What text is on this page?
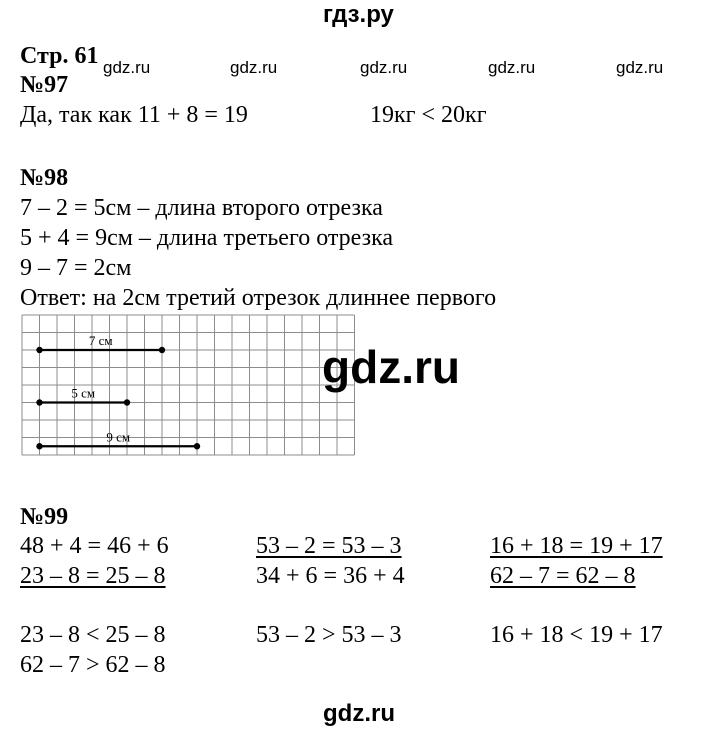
гдз.ру
gdz.ru	gdz.ru	gdz.ru	gdz.ru	gdz.ru
Стр. 61
№97
Да, так как 11 + 8 = 19	19кг < 20кг
№98
7 – 2 = 5см – длина второго отрезка
5 + 4 = 9см – длина третьего отрезка
9 – 7 = 2см
Ответ: на 2см третий отрезок длиннее первого
7 см
5 см
9 см
gdz.ru
№99
48 + 4 = 46 + 6	53 – 2 = 53 – 3	16 + 18 = 19 + 17
23 – 8 = 25 – 8	34 + 6 = 36 + 4	62 – 7 = 62 – 8
23 – 8 < 25 – 8	53 – 2 > 53 – 3	16 + 18 < 19 + 17
62 – 7 > 62 – 8
gdz.ru
